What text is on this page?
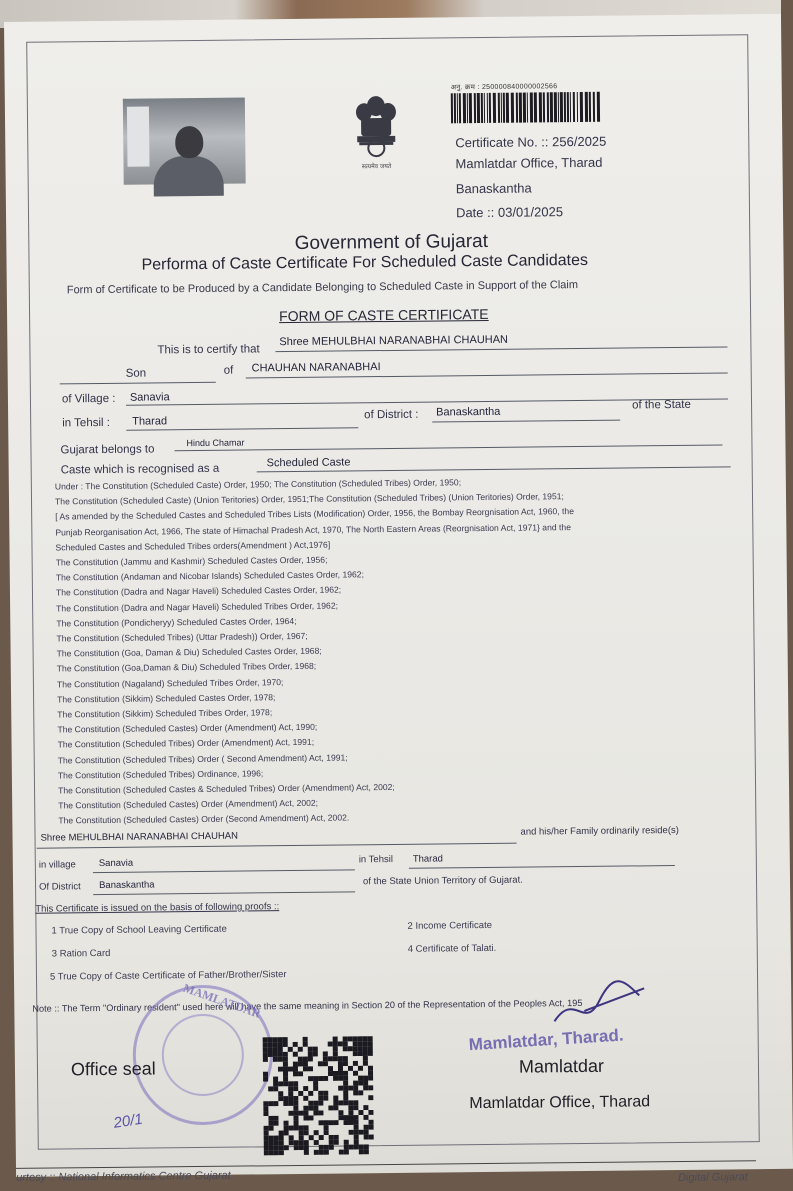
सत्यमेव जयते
अनु. क्रम : 250000840000002566
Certificate No. :: 256/2025
Mamlatdar Office, Tharad
Banaskantha
Date :: 03/01/2025
Government of Gujarat
Performa of Caste Certificate For Scheduled Caste Candidates
Form of Certificate to be Produced by a Candidate Belonging to Scheduled Caste in Support of the Claim
FORM OF CASTE CERTIFICATE
This is to certify that
Shree MEHULBHAI NARANABHAI CHAUHAN
Son	of CHAUHAN NARANABHAI
of Village : Sanavia
in Tehsil : Tharad
of District : Banaskantha
of the State
Gujarat belongs to
Hindu Chamar
Caste which is recognised as a	Scheduled Caste
Under : The Constitution (Scheduled Caste) Order, 1950; The Constitution (Scheduled Tribes) Order, 1950;
The Constitution (Scheduled Caste) (Union Teritories) Order, 1951;The Constitution (Scheduled Tribes) (Union Teritories) Order, 1951;
[ As amended by the Scheduled Castes and Scheduled Tribes Lists (Modification) Order, 1956, the Bombay Reorgnisation Act, 1960, the
Punjab Reorganisation Act, 1966, The state of Himachal Pradesh Act, 1970, The North Eastern Areas (Reorgnisation Act, 1971} and the
Scheduled Castes and Scheduled Tribes orders(Amendment ) Act,1976]
The Constitution (Jammu and Kashmir) Scheduled Castes Order, 1956;
The Constitution (Andaman and Nicobar Islands) Scheduled Castes Order, 1962;
The Constitution (Dadra and Nagar Haveli) Scheduled Castes Order, 1962;
The Constitution (Dadra and Nagar Haveli) Scheduled Tribes Order, 1962;
The Constitution (Pondicheryy) Scheduled Castes Order, 1964;
The Constitution (Scheduled Tribes) (Uttar Pradesh)) Order, 1967;
The Constitution (Goa, Daman & Diu) Scheduled Castes Order, 1968;
The Constitution (Goa,Daman & Diu) Scheduled Tribes Order, 1968;
The Constitution (Nagaland) Scheduled Tribes Order, 1970;
The Constitution (Sikkim) Scheduled Castes Order, 1978;
The Constitution (Sikkim) Scheduled Tribes Order, 1978;
The Constitution (Scheduled Castes) Order (Amendment) Act, 1990;
The Constitution (Scheduled Tribes) Order (Amendment) Act, 1991;
The Constitution (Scheduled Tribes) Order ( Second Amendment) Act, 1991;
The Constitution (Scheduled Tribes) Ordinance, 1996;
The Constitution (Scheduled Castes & Scheduled Tribes) Order (Amendment) Act, 2002;
The Constitution (Scheduled Castes) Order (Amendment) Act, 2002;
The Constitution (Scheduled Castes) Order (Second Amendment) Act, 2002.
Shree MEHULBHAI NARANABHAI CHAUHAN	and his/her Family ordinarily reside(s)
in village Sanavia	in Tehsil Tharad
Of District Banaskantha	of the State Union Territory of Gujarat.
This Certificate is issued on the basis of following proofs ::
1 True Copy of School Leaving Certificate	2 Income Certificate
3 Ration Card	4 Certificate of Talati.
5 True Copy of Caste Certificate of Father/Brother/Sister
Note :: The Term "Ordinary resident" used here will have the same meaning in Section 20 of the Representation of the Peoples Act, 195
MAMLATDAR
Office seal
20/1
Mamlatdar, Tharad.
Mamlatdar
Mamlatdar Office, Tharad
urtesy :: National Informatics Centre Gujarat	Digital Gujarat
